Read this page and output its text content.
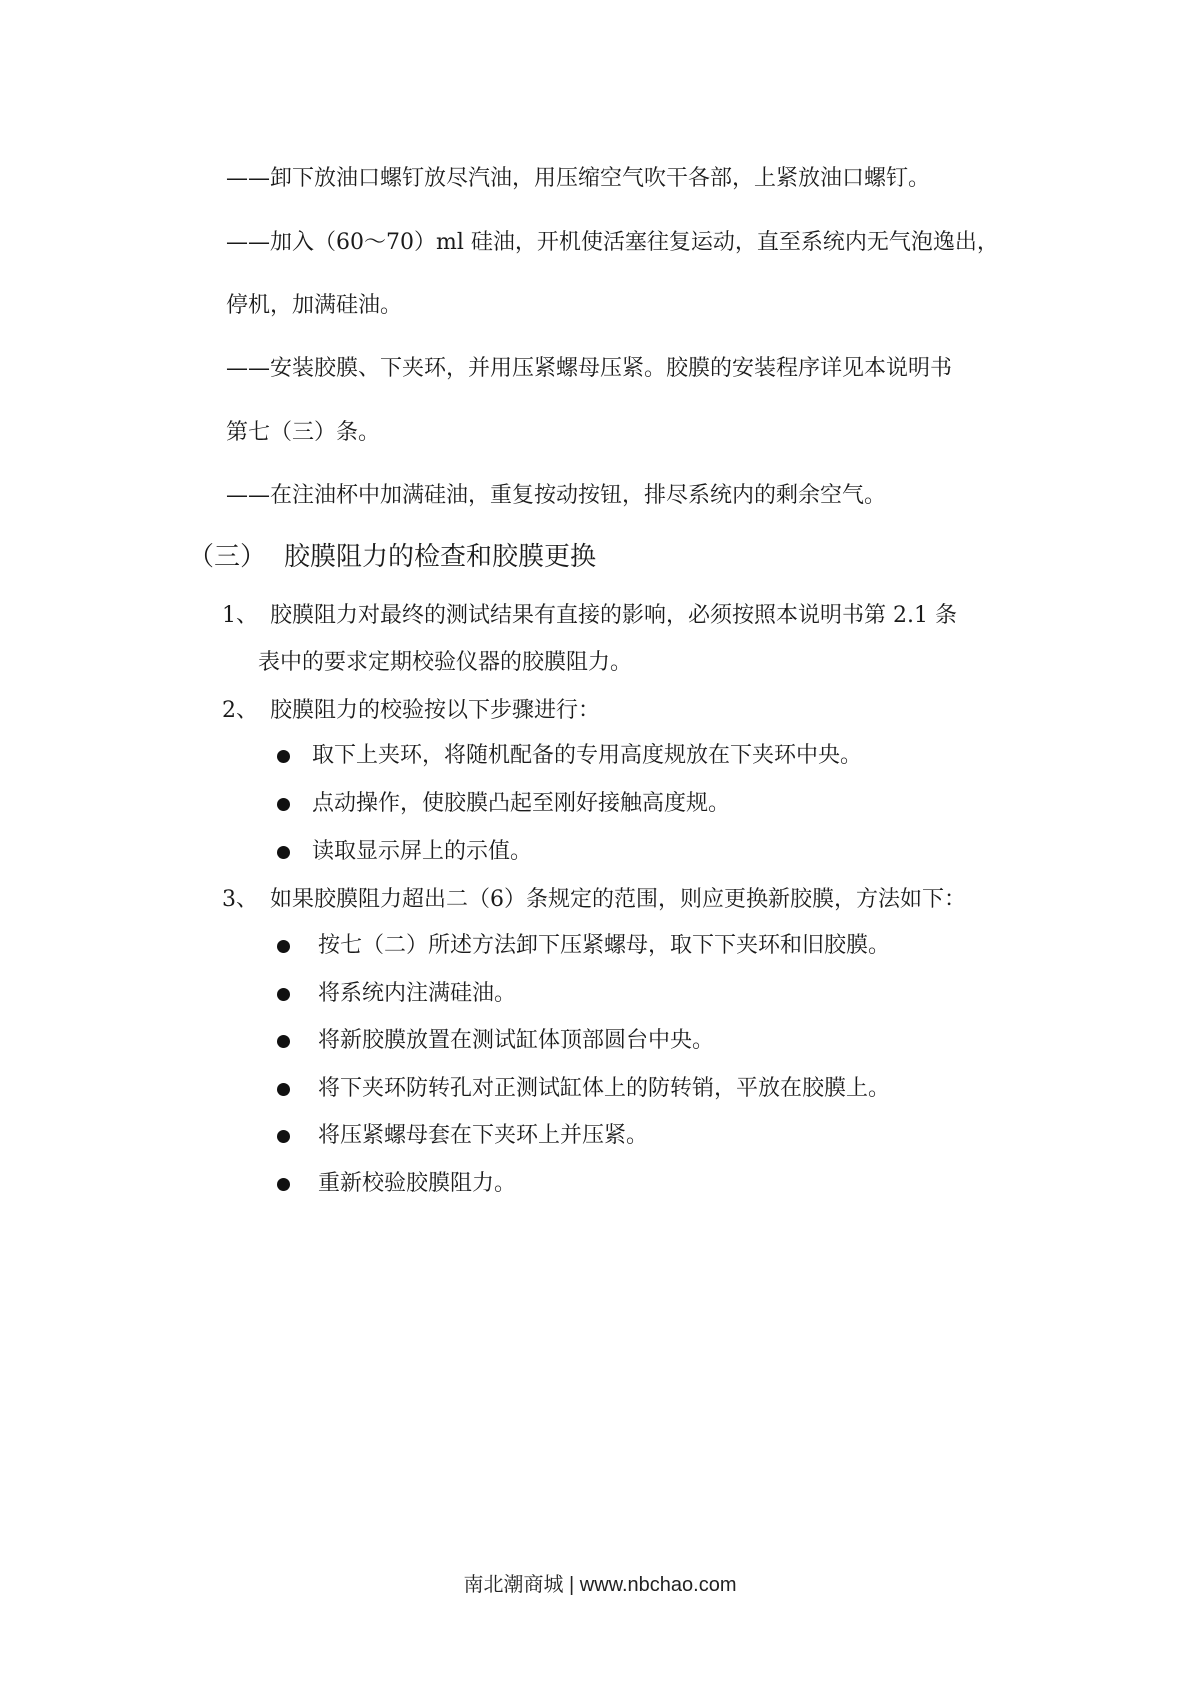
——卸下放油口螺钉放尽汽油，用压缩空气吹干各部，上紧放油口螺钉。
——加入（60～70）ml 硅油，开机使活塞往复运动，直至系统内无气泡逸出，
停机，加满硅油。
——安装胶膜、下夹环，并用压紧螺母压紧。胶膜的安装程序详见本说明书
第七（三）条。
——在注油杯中加满硅油，重复按动按钮，排尽系统内的剩余空气。
（三） 胶膜阻力的检查和胶膜更换
1、 胶膜阻力对最终的测试结果有直接的影响，必须按照本说明书第 2.1 条
表中的要求定期校验仪器的胶膜阻力。
2、 胶膜阻力的校验按以下步骤进行：
取下上夹环，将随机配备的专用高度规放在下夹环中央。
点动操作，使胶膜凸起至刚好接触高度规。
读取显示屏上的示值。
3、 如果胶膜阻力超出二（6）条规定的范围，则应更换新胶膜，方法如下：
按七（二）所述方法卸下压紧螺母，取下下夹环和旧胶膜。
将系统内注满硅油。
将新胶膜放置在测试缸体顶部圆台中央。
将下夹环防转孔对正测试缸体上的防转销，平放在胶膜上。
将压紧螺母套在下夹环上并压紧。
重新校验胶膜阻力。
南北潮商城 | www.nbchao.com
